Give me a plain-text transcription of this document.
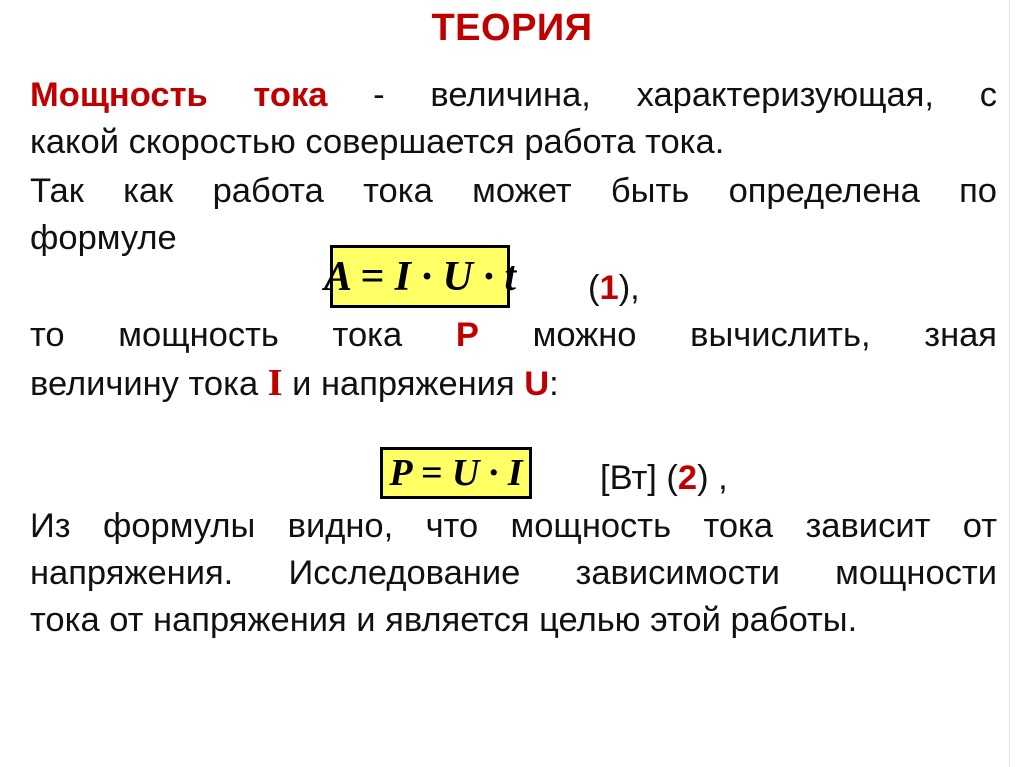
ТЕОРИЯ
Мощность тока - величина, характеризующая, с
какой скоростью совершается работа тока.
Так как работа тока может быть определена по
формуле
A = I · U · t (1),
то мощность тока P можно вычислить, зная
величину тока I и напряжения U:
P = U · I [Вт] (2) ,
Из формулы видно, что мощность тока зависит от
напряжения. Исследование зависимости мощности
тока от напряжения и является целью этой работы.
